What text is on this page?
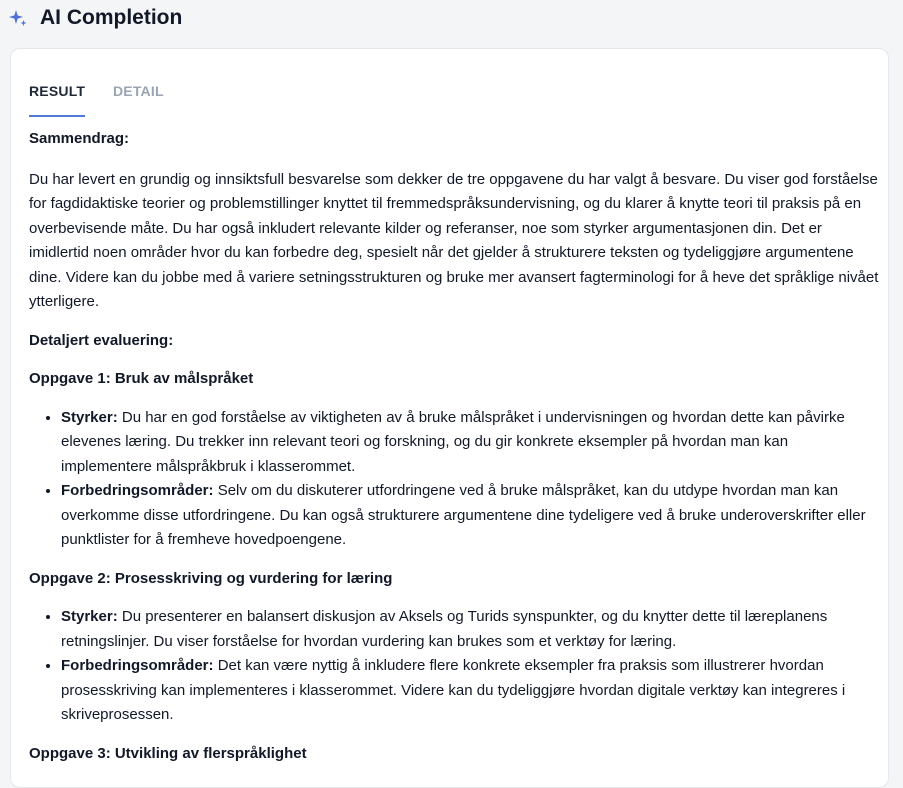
AI Completion
RESULT DETAIL

Sammendrag:

Du har levert en grundig og innsiktsfull besvarelse som dekker de tre oppgavene du har valgt å besvare. Du viser god forståelse for fagdidaktiske teorier og problemstillinger knyttet til fremmedspråksundervisning, og du klarer å knytte teori til praksis på en overbevisende måte. Du har også inkludert relevante kilder og referanser, noe som styrker argumentasjonen din. Det er imidlertid noen områder hvor du kan forbedre deg, spesielt når det gjelder å strukturere teksten og tydeliggjøre argumentene dine. Videre kan du jobbe med å variere setningsstrukturen og bruke mer avansert fagterminologi for å heve det språklige nivået ytterligere.

Detaljert evaluering:

Oppgave 1: Bruk av målspråket

• Styrker: Du har en god forståelse av viktigheten av å bruke målspråket i undervisningen og hvordan dette kan påvirke elevenes læring. Du trekker inn relevant teori og forskning, og du gir konkrete eksempler på hvordan man kan implementere målspråkbruk i klasserommet.
• Forbedringsområder: Selv om du diskuterer utfordringene ved å bruke målspråket, kan du utdype hvordan man kan overkomme disse utfordringene. Du kan også strukturere argumentene dine tydeligere ved å bruke underoverskrifter eller punktlister for å fremheve hovedpoengene.

Oppgave 2: Prosesskriving og vurdering for læring

• Styrker: Du presenterer en balansert diskusjon av Aksels og Turids synspunkter, og du knytter dette til læreplanens retningslinjer. Du viser forståelse for hvordan vurdering kan brukes som et verktøy for læring.
• Forbedringsområder: Det kan være nyttig å inkludere flere konkrete eksempler fra praksis som illustrerer hvordan prosesskriving kan implementeres i klasserommet. Videre kan du tydeliggjøre hvordan digitale verktøy kan integreres i skriveprosessen.

Oppgave 3: Utvikling av flerspråklighet
